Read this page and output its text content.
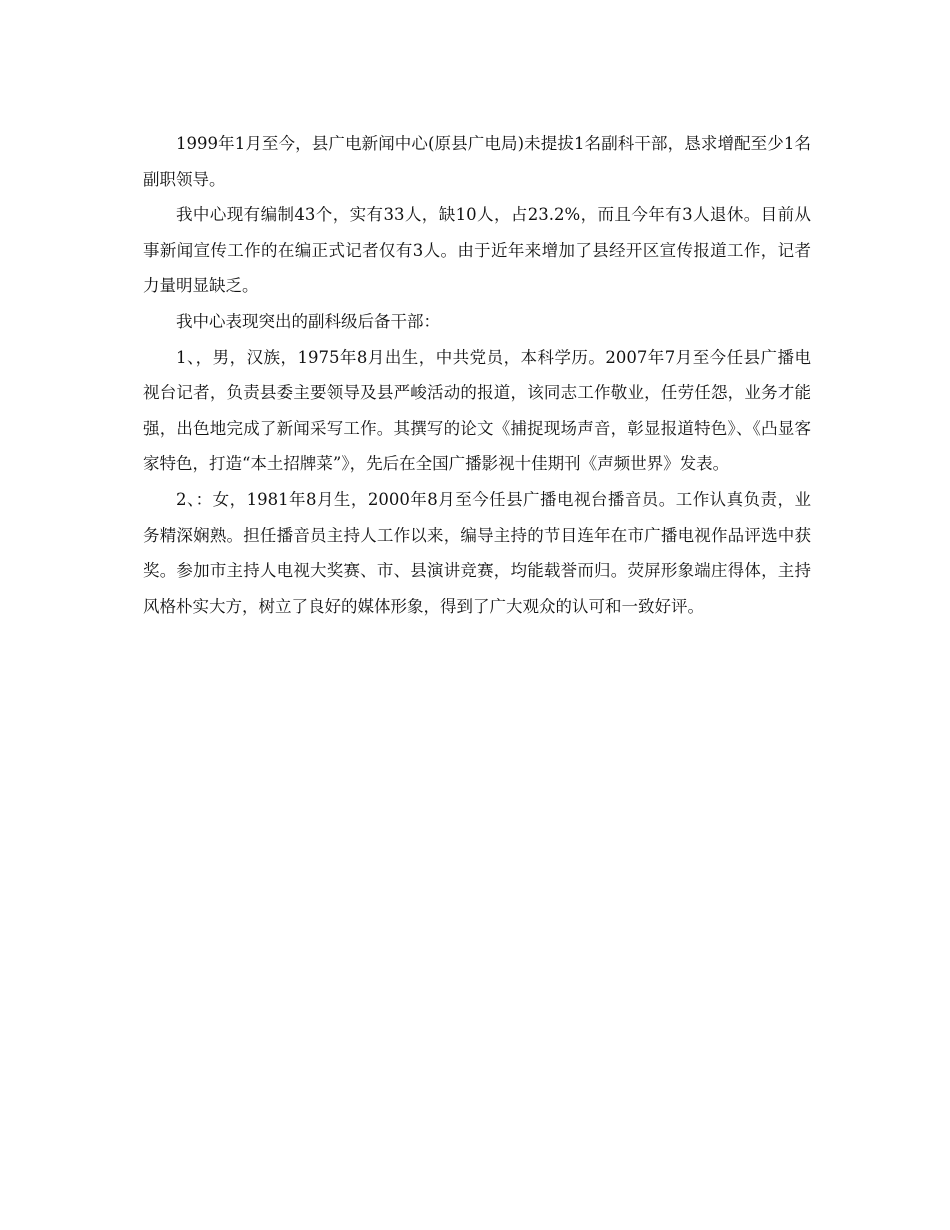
1999年1月至今，县广电新闻中心(原县广电局)未提拔1名副科干部，恳求增配至少1名副职领导。

我中心现有编制43个，实有33人，缺10人，占23.2%，而且今年有3人退休。目前从事新闻宣传工作的在编正式记者仅有3人。由于近年来增加了县经开区宣传报道工作，记者力量明显缺乏。

我中心表现突出的副科级后备干部：

1、，男，汉族，1975年8月出生，中共党员，本科学历。2007年7月至今任县广播电视台记者，负责县委主要领导及县严峻活动的报道，该同志工作敬业，任劳任怨，业务才能强，出色地完成了新闻采写工作。其撰写的论文《捕捉现场声音，彰显报道特色》、《凸显客家特色，打造“本土招牌菜”》，先后在全国广播影视十佳期刊《声频世界》发表。

2、：女，1981年8月生，2000年8月至今任县广播电视台播音员。工作认真负责，业务精深娴熟。担任播音员主持人工作以来，编导主持的节目连年在市广播电视作品评选中获奖。参加市主持人电视大奖赛、市、县演讲竞赛，均能载誉而归。荧屏形象端庄得体，主持风格朴实大方，树立了良好的媒体形象，得到了广大观众的认可和一致好评。
